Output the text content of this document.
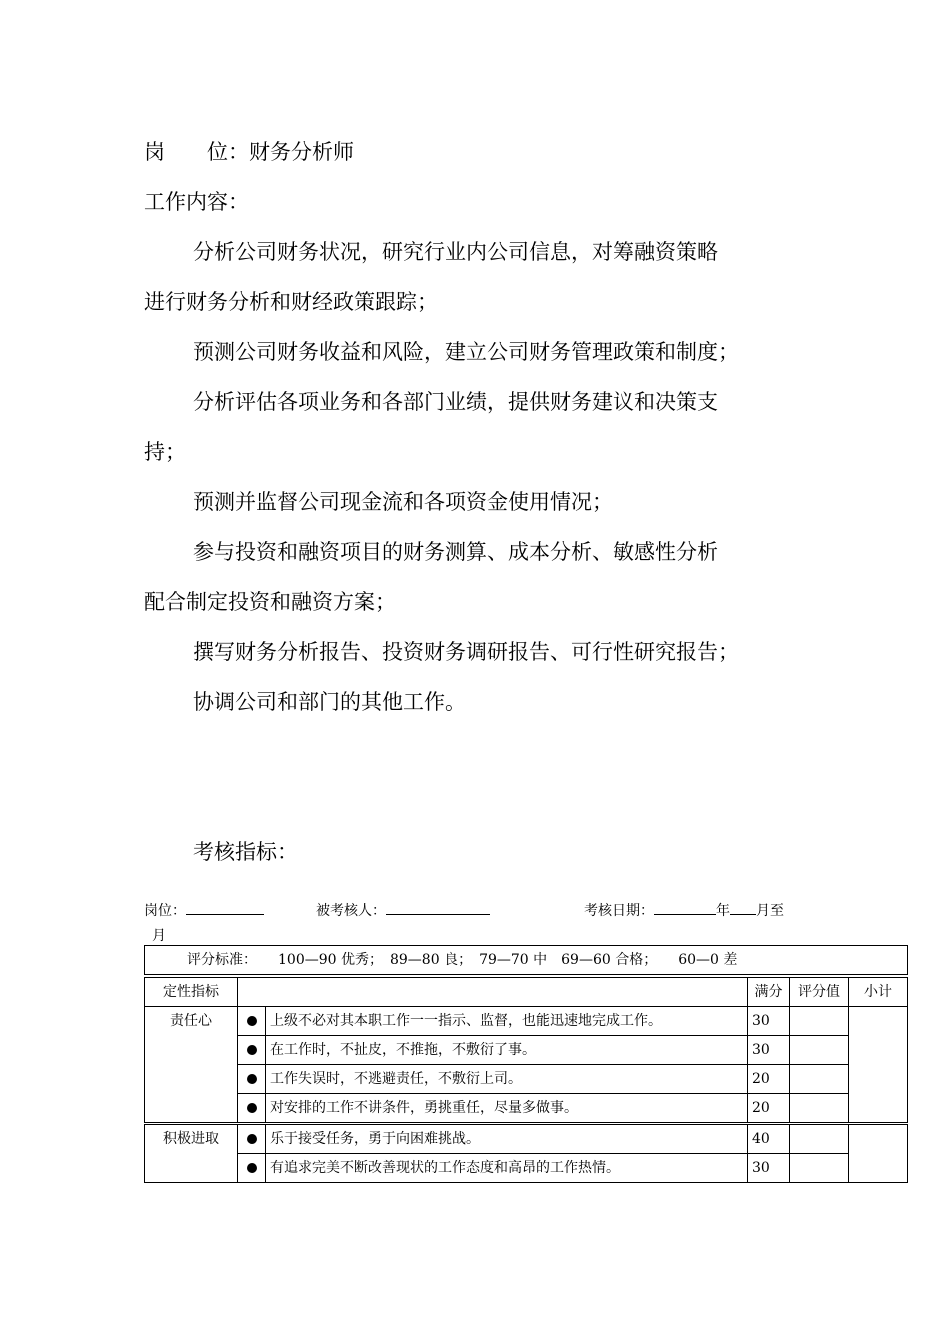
岗　　位：财务分析师
工作内容：
分析公司财务状况，研究行业内公司信息，对筹融资策略
进行财务分析和财经政策跟踪；
预测公司财务收益和风险，建立公司财务管理政策和制度；
分析评估各项业务和各部门业绩，提供财务建议和决策支
持；
预测并监督公司现金流和各项资金使用情况；
参与投资和融资项目的财务测算、成本分析、敏感性分析
配合制定投资和融资方案；
撰写财务分析报告、投资财务调研报告、可行性研究报告；
协调公司和部门的其他工作。
考核指标：
岗位：	被考核人：	考核日期：	年 月至
月
评分标准：　　100—90 优秀；　89—80 良；　79—70 中　69—60 合格；　　60—0 差					
定性指标			满分	评分值	小计
责任心		上级不必对其本职工作一一指示、监督，也能迅速地完成工作。	30		
		在工作时，不扯皮，不推拖，不敷衍了事。	30		
		工作失误时，不逃避责任，不敷衍上司。	20		
		对安排的工作不讲条件，勇挑重任，尽量多做事。	20		
积极进取		乐于接受任务，勇于向困难挑战。	40		
		有追求完美不断改善现状的工作态度和高昂的工作热情。	30		
